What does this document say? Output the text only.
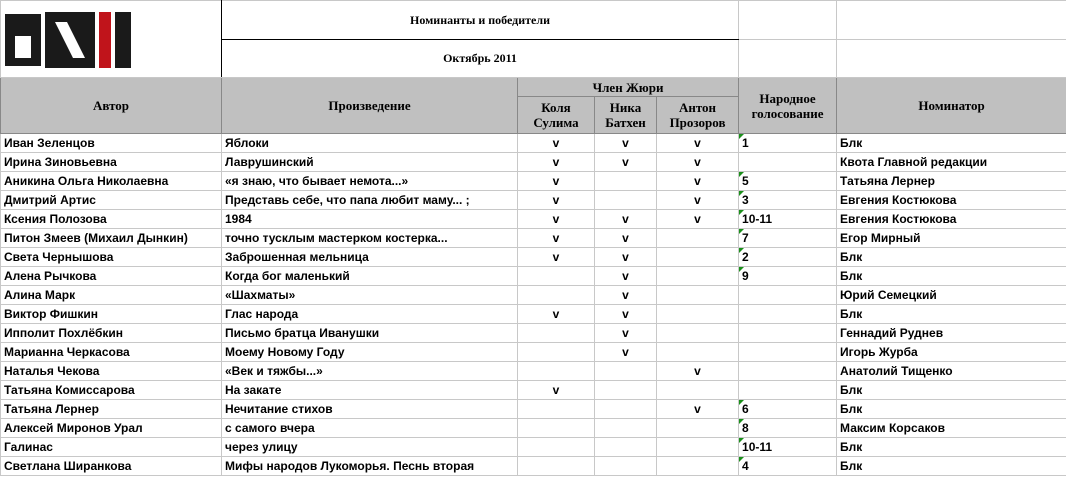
	Номинанты и победители					
	Октябрь 2011					
Автор	Произведение	Член Жюри			Народное голосование	Номинатор
		Коля Сулима	Ника Батхен	Антон Прозоров		
Иван Зеленцов	Яблоки	v	v	v	1	Блк
Ирина Зиновьевна	Лаврушинский	v	v	v		Квота Главной редакции
Аникина Ольга Николаевна	«я знаю, что бывает немота...»	v		v	5	Татьяна Лернер
Дмитрий Артис	Представь себе, что папа любит маму... ;	v		v	3	Евгения Костюкова
Ксения Полозова	1984	v	v	v	10-11	Евгения Костюкова
Питон Змеев (Михаил Дынкин)	точно тусклым мастерком костерка...	v	v		7	Егор Мирный
Света Чернышова	Заброшенная мельница	v	v		2	Блк
Алена Рычкова	Когда бог маленький		v		9	Блк
Алина Марк	«Шахматы»		v			Юрий Семецкий
Виктор Фишкин	Глас народа	v	v			Блк
Ипполит Похлёбкин	Письмо братца Иванушки		v			Геннадий Руднев
Марианна Черкасова	Моему Новому Году		v			Игорь Журба
Наталья Чекова	«Век и тяжбы...»			v		Анатолий Тищенко
Татьяна Комиссарова	На закате	v				Блк
Татьяна Лернер	Нечитание стихов			v	6	Блк
Алексей Миронов Урал	с самого вчера				8	Максим Корсаков
Галинас	через улицу				10-11	Блк
Светлана Ширанкова	Мифы народов Лукоморья. Песнь вторая				4	Блк
